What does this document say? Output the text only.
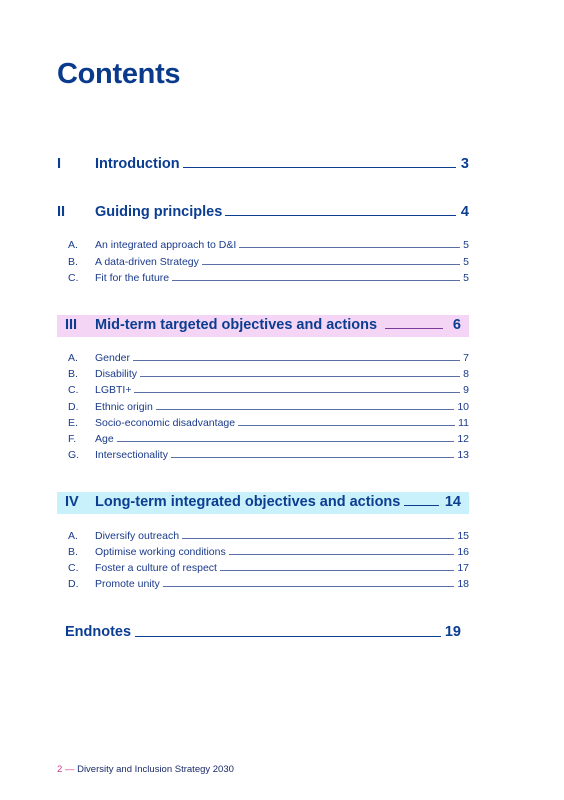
Contents
I Introduction	3
II Guiding principles	4
A. An integrated approach to D&I	5
B. A data-driven Strategy	5
C. Fit for the future	5
III Mid-term targeted objectives and actions	6
A. Gender	7
B. Disability	8
C. LGBTI+	9
D. Ethnic origin	10
E. Socio-economic disadvantage	11
F. Age	12
G. Intersectionality	13
IV Long-term integrated objectives and actions	14
A. Diversify outreach	15
B. Optimise working conditions	16
C. Foster a culture of respect	17
D. Promote unity	18
Endnotes	19
2 — Diversity and Inclusion Strategy 2030
